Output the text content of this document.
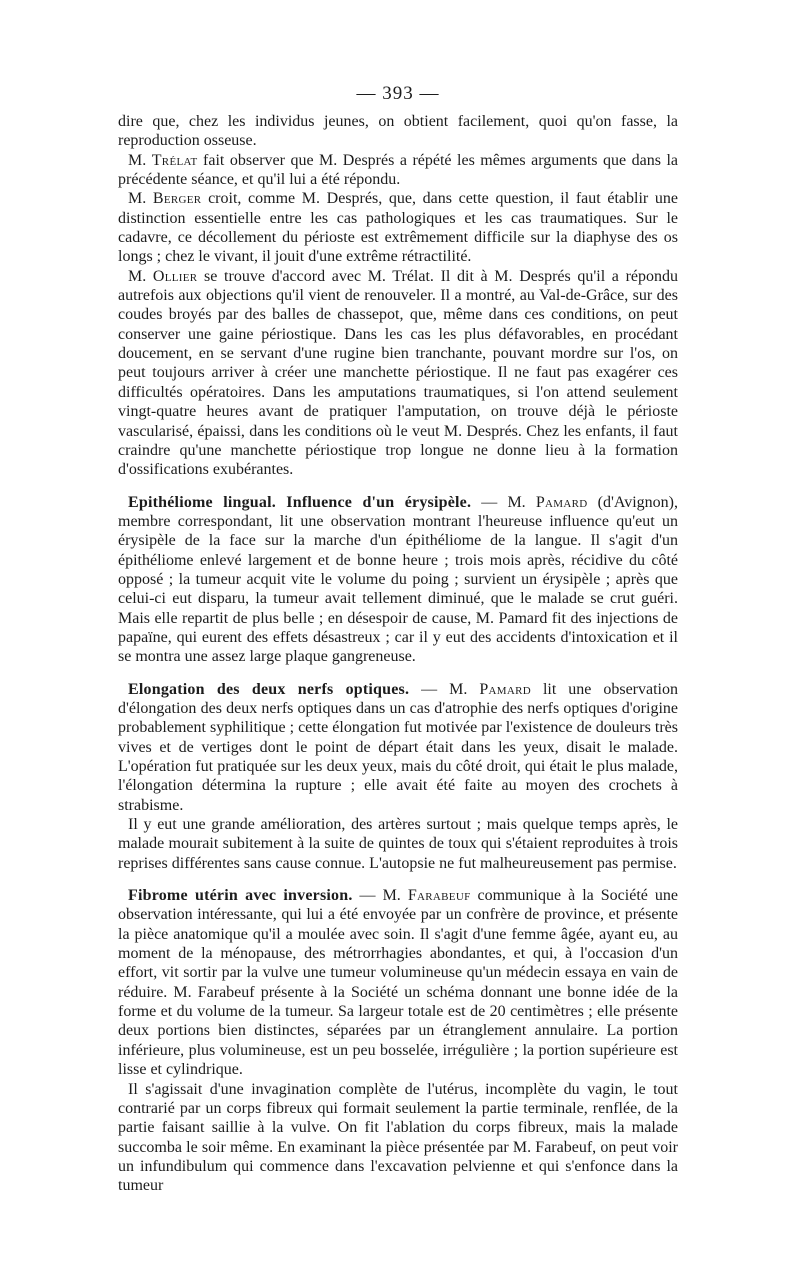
— 393 —

dire que, chez les individus jeunes, on obtient facilement, quoi qu'on fasse, la reproduction osseuse.

M. Trélat fait observer que M. Després a répété les mêmes arguments que dans la précédente séance, et qu'il lui a été répondu.

M. Berger croit, comme M. Després, que, dans cette question, il faut établir une distinction essentielle entre les cas pathologiques et les cas traumatiques. Sur le cadavre, ce décollement du périoste est extrêmement difficile sur la diaphyse des os longs ; chez le vivant, il jouit d'une extrême rétractilité.

M. Ollier se trouve d'accord avec M. Trélat. Il dit à M. Després qu'il a répondu autrefois aux objections qu'il vient de renouveler. Il a montré, au Val-de-Grâce, sur des coudes broyés par des balles de chassepot, que, même dans ces conditions, on peut conserver une gaine périostique. Dans les cas les plus défavorables, en procédant doucement, en se servant d'une rugine bien tranchante, pouvant mordre sur l'os, on peut toujours arriver à créer une manchette périostique. Il ne faut pas exagérer ces difficultés opératoires. Dans les amputations traumatiques, si l'on attend seulement vingt-quatre heures avant de pratiquer l'amputation, on trouve déjà le périoste vascularisé, épaissi, dans les conditions où le veut M. Després. Chez les enfants, il faut craindre qu'une manchette périostique trop longue ne donne lieu à la formation d'ossifications exubérantes.

Epithéliome lingual. Influence d'un érysipèle. — M. Pamard (d'Avignon), membre correspondant, lit une observation montrant l'heureuse influence qu'eut un érysipèle de la face sur la marche d'un épithéliome de la langue. Il s'agit d'un épithéliome enlevé largement et de bonne heure ; trois mois après, récidive du côté opposé ; la tumeur acquit vite le volume du poing ; survient un érysipèle ; après que celui-ci eut disparu, la tumeur avait tellement diminué, que le malade se crut guéri. Mais elle repartit de plus belle ; en désespoir de cause, M. Pamard fit des injections de papaïne, qui eurent des effets désastreux ; car il y eut des accidents d'intoxication et il se montra une assez large plaque gangreneuse.

Elongation des deux nerfs optiques. — M. Pamard lit une observation d'élongation des deux nerfs optiques dans un cas d'atrophie des nerfs optiques d'origine probablement syphilitique ; cette élongation fut motivée par l'existence de douleurs très vives et de vertiges dont le point de départ était dans les yeux, disait le malade. L'opération fut pratiquée sur les deux yeux, mais du côté droit, qui était le plus malade, l'élongation détermina la rupture ; elle avait été faite au moyen des crochets à strabisme.

Il y eut une grande amélioration, des artères surtout ; mais quelque temps après, le malade mourait subitement à la suite de quintes de toux qui s'étaient reproduites à trois reprises différentes sans cause connue. L'autopsie ne fut malheureusement pas permise.

Fibrome utérin avec inversion. — M. Farabeuf communique à la Société une observation intéressante, qui lui a été envoyée par un confrère de province, et présente la pièce anatomique qu'il a moulée avec soin. Il s'agit d'une femme âgée, ayant eu, au moment de la ménopause, des métrorrhagies abondantes, et qui, à l'occasion d'un effort, vit sortir par la vulve une tumeur volumineuse qu'un médecin essaya en vain de réduire. M. Farabeuf présente à la Société un schéma donnant une bonne idée de la forme et du volume de la tumeur. Sa largeur totale est de 20 centimètres ; elle présente deux portions bien distinctes, séparées par un étranglement annulaire. La portion inférieure, plus volumineuse, est un peu bosselée, irrégulière ; la portion supérieure est lisse et cylindrique.

Il s'agissait d'une invagination complète de l'utérus, incomplète du vagin, le tout contrarié par un corps fibreux qui formait seulement la partie terminale, renflée, de la partie faisant saillie à la vulve. On fit l'ablation du corps fibreux, mais la malade succomba le soir même. En examinant la pièce présentée par M. Farabeuf, on peut voir un infundibulum qui commence dans l'excavation pelvienne et qui s'enfonce dans la tumeur
